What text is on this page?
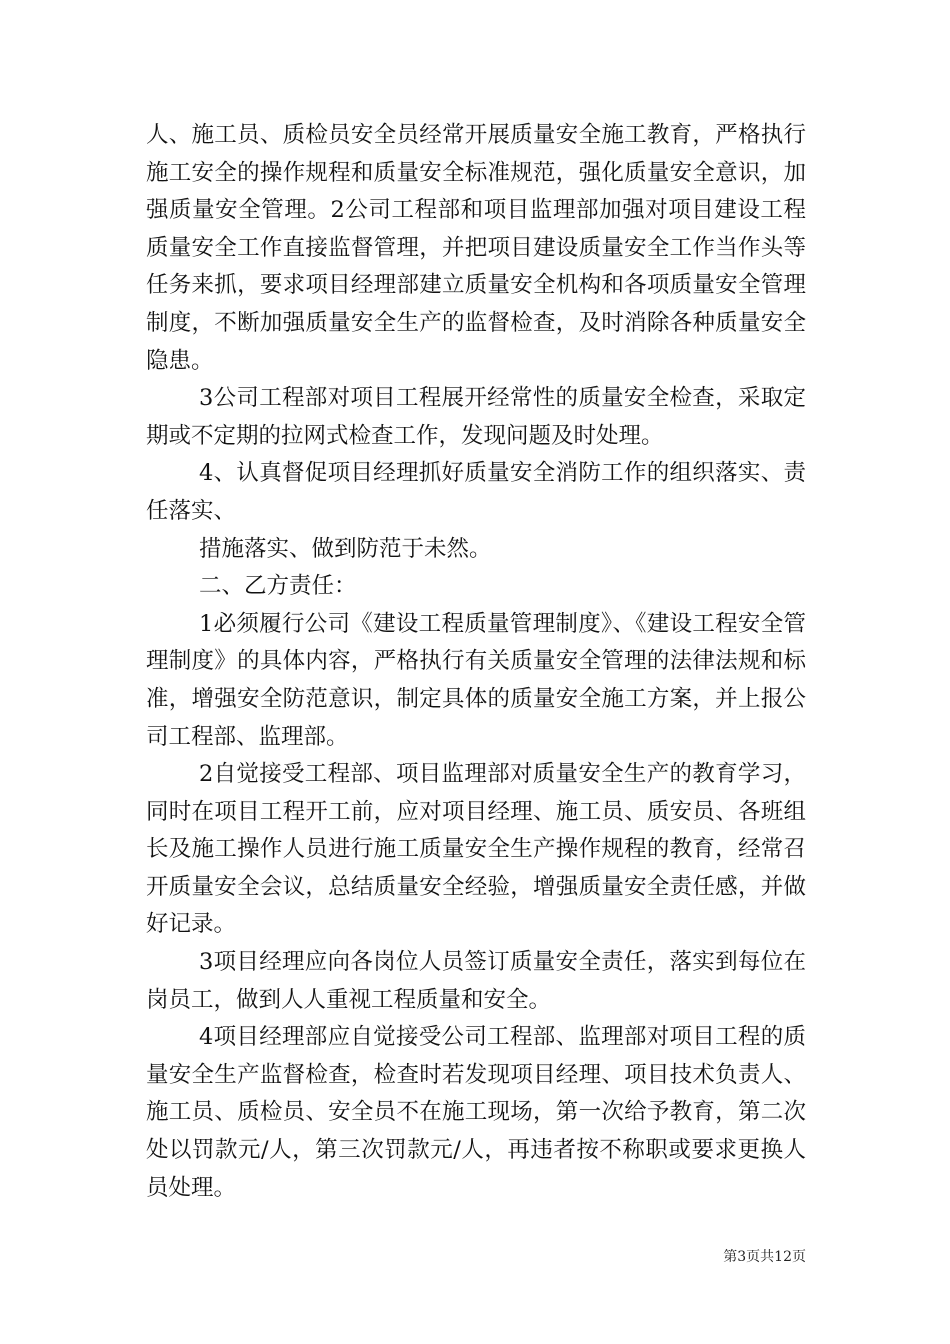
人、施工员、质检员安全员经常开展质量安全施工教育，严格执行施工安全的操作规程和质量安全标准规范，强化质量安全意识，加强质量安全管理。2公司工程部和项目监理部加强对项目建设工程质量安全工作直接监督管理，并把项目建设质量安全工作当作头等任务来抓，要求项目经理部建立质量安全机构和各项质量安全管理制度，不断加强质量安全生产的监督检查，及时消除各种质量安全隐患。

3公司工程部对项目工程展开经常性的质量安全检查，采取定期或不定期的拉网式检查工作，发现问题及时处理。

4、认真督促项目经理抓好质量安全消防工作的组织落实、责任落实、

措施落实、做到防范于未然。

二、乙方责任：

1必须履行公司《建设工程质量管理制度》、《建设工程安全管理制度》的具体内容，严格执行有关质量安全管理的法律法规和标准，增强安全防范意识，制定具体的质量安全施工方案，并上报公司工程部、监理部。

2自觉接受工程部、项目监理部对质量安全生产的教育学习，同时在项目工程开工前，应对项目经理、施工员、质安员、各班组长及施工操作人员进行施工质量安全生产操作规程的教育，经常召开质量安全会议，总结质量安全经验，增强质量安全责任感，并做好记录。

3项目经理应向各岗位人员签订质量安全责任，落实到每位在岗员工，做到人人重视工程质量和安全。

4项目经理部应自觉接受公司工程部、监理部对项目工程的质量安全生产监督检查，检查时若发现项目经理、项目技术负责人、施工员、质检员、安全员不在施工现场，第一次给予教育，第二次处以罚款元/人，第三次罚款元/人，再违者按不称职或要求更换人员处理。

第3页共12页
